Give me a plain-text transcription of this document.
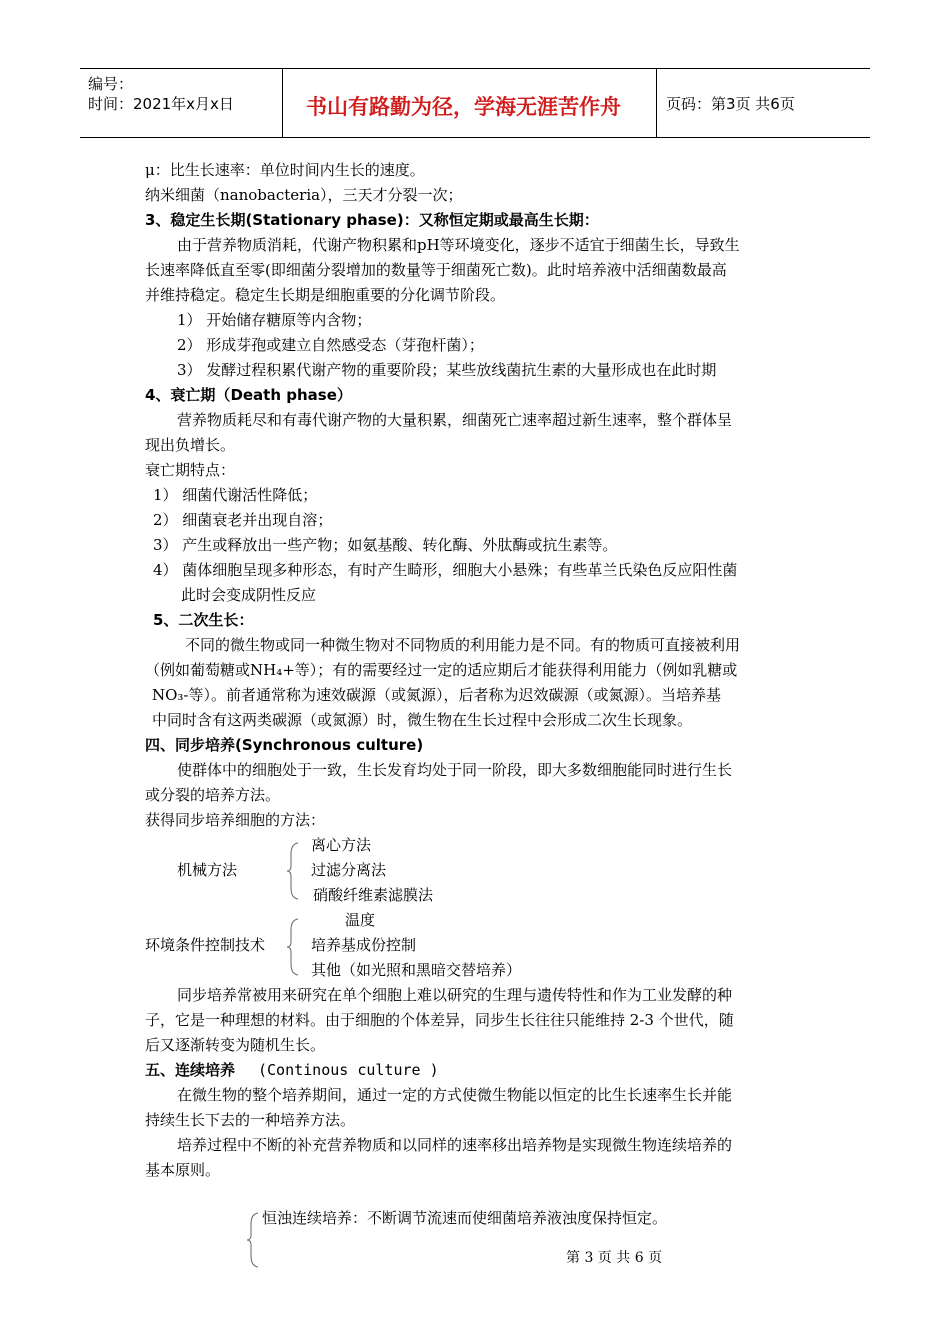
编号：
时间：2021年x月x日	书山有路勤为径，学海无涯苦作舟	页码：第3页 共6页
μ：比生长速率：单位时间内生长的速度。
纳米细菌（nanobacteria），三天才分裂一次；
3、稳定生长期(Stationary phase)：又称恒定期或最高生长期：
由于营养物质消耗，代谢产物积累和pH等环境变化，逐步不适宜于细菌生长，导致生
长速率降低直至零(即细菌分裂增加的数量等于细菌死亡数)。此时培养液中活细菌数最高
并维持稳定。稳定生长期是细胞重要的分化调节阶段。
1） 开始储存糖原等内含物；
2） 形成芽孢或建立自然感受态（芽孢杆菌）；
3） 发酵过程积累代谢产物的重要阶段；某些放线菌抗生素的大量形成也在此时期
4、衰亡期（Death phase）
营养物质耗尽和有毒代谢产物的大量积累，细菌死亡速率超过新生速率，整个群体呈
现出负增长。
衰亡期特点：
1） 细菌代谢活性降低；
2） 细菌衰老并出现自溶；
3） 产生或释放出一些产物；如氨基酸、转化酶、外肽酶或抗生素等。
4） 菌体细胞呈现多种形态，有时产生畸形，细胞大小悬殊；有些革兰氏染色反应阳性菌
此时会变成阴性反应
5、二次生长：
不同的微生物或同一种微生物对不同物质的利用能力是不同。有的物质可直接被利用
（例如葡萄糖或NH₄+等）；有的需要经过一定的适应期后才能获得利用能力（例如乳糖或
NO₃-等）。前者通常称为速效碳源（或氮源），后者称为迟效碳源（或氮源）。当培养基
中同时含有这两类碳源（或氮源）时，微生物在生长过程中会形成二次生长现象。
四、同步培养(Synchronous culture)
使群体中的细胞处于一致，生长发育均处于同一阶段，即大多数细胞能同时进行生长
或分裂的培养方法。
获得同步培养细胞的方法：
离心方法
机械方法	过滤分离法
硝酸纤维素滤膜法
温度
环境条件控制技术	培养基成份控制
其他（如光照和黑暗交替培养）
同步培养常被用来研究在单个细胞上难以研究的生理与遗传特性和作为工业发酵的种
子，它是一种理想的材料。由于细胞的个体差异，同步生长往往只能维持 2-3 个世代，随
后又逐渐转变为随机生长。
五、连续培养 (Continous culture )
在微生物的整个培养期间，通过一定的方式使微生物能以恒定的比生长速率生长并能
持续生长下去的一种培养方法。
培养过程中不断的补充营养物质和以同样的速率移出培养物是实现微生物连续培养的
基本原则。
恒浊连续培养：不断调节流速而使细菌培养液浊度保持恒定。
第 3 页 共 6 页
